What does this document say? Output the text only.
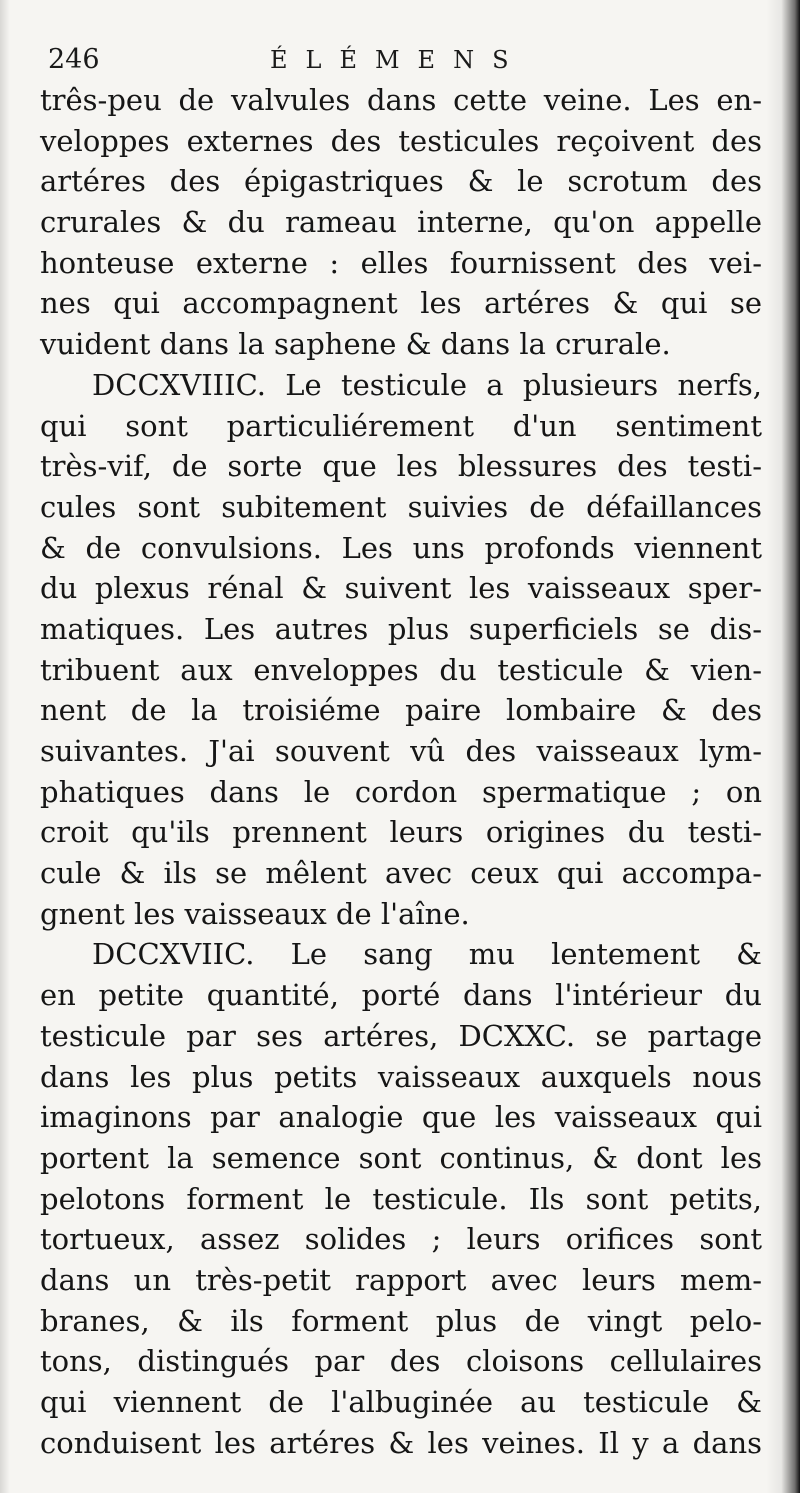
246	ÉLÉMENS
três-peu de valvules dans cette veine. Les en-
veloppes externes des testicules reçoivent des
artéres des épigastriques & le scrotum des
crurales & du rameau interne, qu'on appelle
honteuse externe : elles fournissent des vei-
nes qui accompagnent les artéres & qui se
vuident dans la saphene & dans la crurale.
DCCXVIIIC. Le testicule a plusieurs nerfs,
qui sont particuliérement d'un sentiment
très-vif, de sorte que les blessures des testi-
cules sont subitement suivies de défaillances
& de convulsions. Les uns profonds viennent
du plexus rénal & suivent les vaisseaux sper-
matiques. Les autres plus superficiels se dis-
tribuent aux enveloppes du testicule & vien-
nent de la troisiéme paire lombaire & des
suivantes. J'ai souvent vû des vaisseaux lym-
phatiques dans le cordon spermatique ; on
croit qu'ils prennent leurs origines du testi-
cule & ils se mêlent avec ceux qui accompa-
gnent les vaisseaux de l'aîne.
DCCXVIIC. Le sang mu lentement &
en petite quantité, porté dans l'intérieur du
testicule par ses artéres, DCXXC. se partage
dans les plus petits vaisseaux auxquels nous
imaginons par analogie que les vaisseaux qui
portent la semence sont continus, & dont les
pelotons forment le testicule. Ils sont petits,
tortueux, assez solides ; leurs orifices sont
dans un très-petit rapport avec leurs mem-
branes, & ils forment plus de vingt pelo-
tons, distingués par des cloisons cellulaires
qui viennent de l'albuginée au testicule &
conduisent les artéres & les veines. Il y a dans
